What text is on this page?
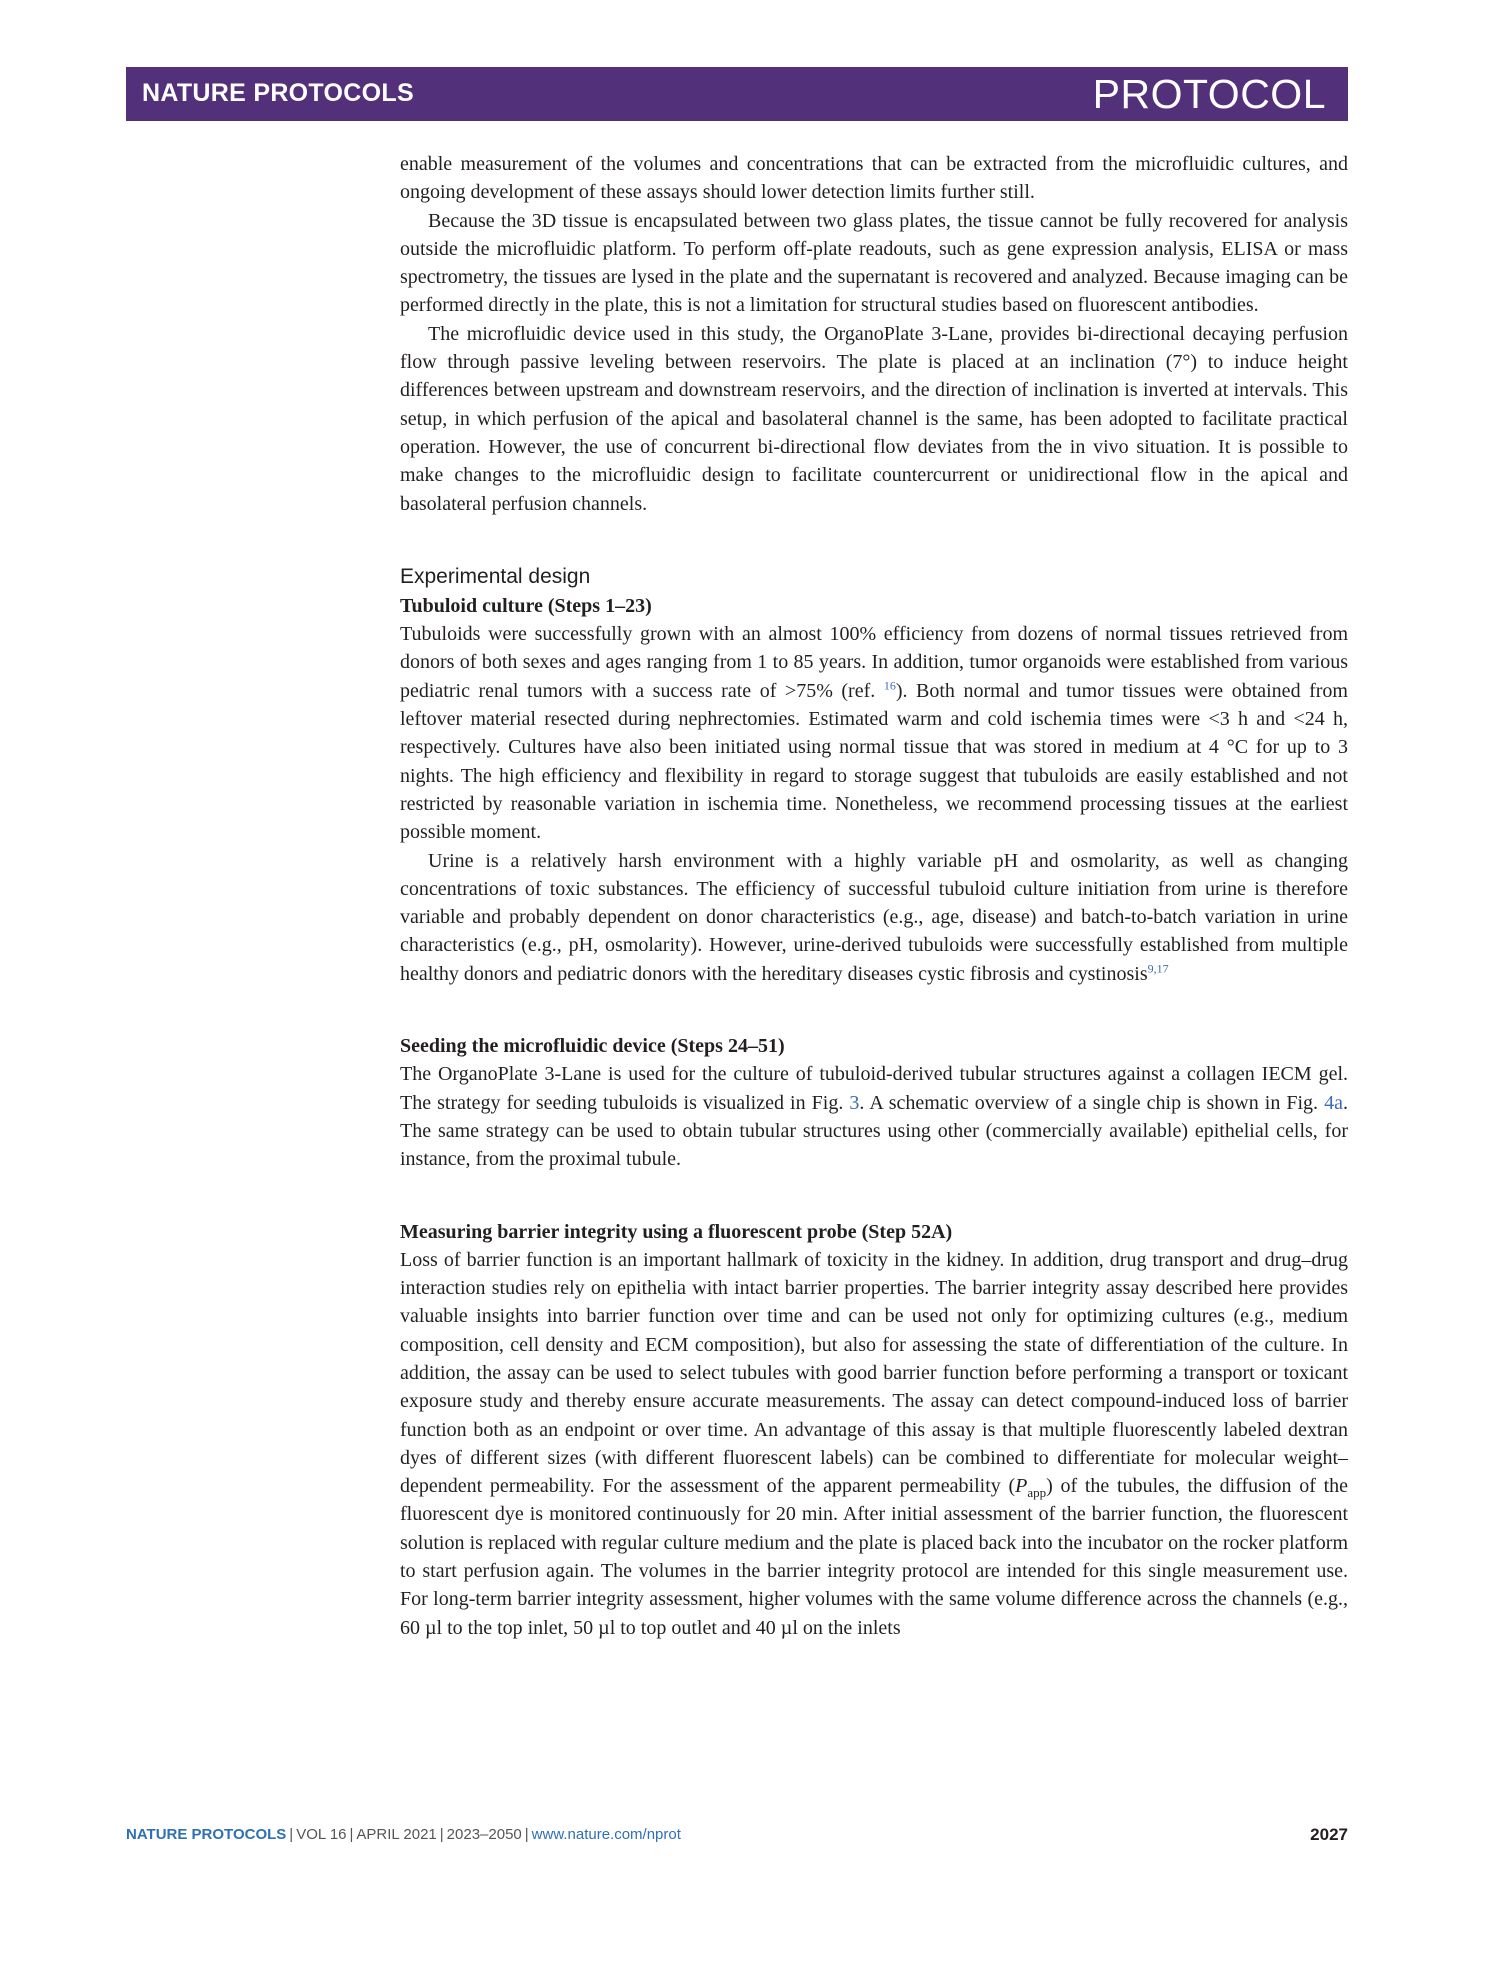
NATURE PROTOCOLS	PROTOCOL

enable measurement of the volumes and concentrations that can be extracted from the microfluidic cultures, and ongoing development of these assays should lower detection limits further still.

Because the 3D tissue is encapsulated between two glass plates, the tissue cannot be fully recovered for analysis outside the microfluidic platform. To perform off-plate readouts, such as gene expression analysis, ELISA or mass spectrometry, the tissues are lysed in the plate and the supernatant is recovered and analyzed. Because imaging can be performed directly in the plate, this is not a limitation for structural studies based on fluorescent antibodies.

The microfluidic device used in this study, the OrganoPlate 3-Lane, provides bi-directional decaying perfusion flow through passive leveling between reservoirs. The plate is placed at an inclination (7°) to induce height differences between upstream and downstream reservoirs, and the direction of inclination is inverted at intervals. This setup, in which perfusion of the apical and basolateral channel is the same, has been adopted to facilitate practical operation. However, the use of concurrent bi-directional flow deviates from the in vivo situation. It is possible to make changes to the microfluidic design to facilitate countercurrent or unidirectional flow in the apical and basolateral perfusion channels.

Experimental design
Tubuloid culture (Steps 1–23)

Tubuloids were successfully grown with an almost 100% efficiency from dozens of normal tissues retrieved from donors of both sexes and ages ranging from 1 to 85 years. In addition, tumor organoids were established from various pediatric renal tumors with a success rate of >75% (ref. $^{16}$). Both normal and tumor tissues were obtained from leftover material resected during nephrectomies. Estimated warm and cold ischemia times were <3 h and <24 h, respectively. Cultures have also been initiated using normal tissue that was stored in medium at 4 °C for up to 3 nights. The high efficiency and flexibility in regard to storage suggest that tubuloids are easily established and not restricted by reasonable variation in ischemia time. Nonetheless, we recommend processing tissues at the earliest possible moment.

Urine is a relatively harsh environment with a highly variable pH and osmolarity, as well as changing concentrations of toxic substances. The efficiency of successful tubuloid culture initiation from urine is therefore variable and probably dependent on donor characteristics (e.g., age, disease) and batch-to-batch variation in urine characteristics (e.g., pH, osmolarity). However, urine-derived tubuloids were successfully established from multiple healthy donors and pediatric donors with the hereditary diseases cystic fibrosis and cystinosis$^{9,17}$

Seeding the microfluidic device (Steps 24–51)

The OrganoPlate 3-Lane is used for the culture of tubuloid-derived tubular structures against a collagen IECM gel. The strategy for seeding tubuloids is visualized in Fig. 3. A schematic overview of a single chip is shown in Fig. 4a. The same strategy can be used to obtain tubular structures using other (commercially available) epithelial cells, for instance, from the proximal tubule.

Measuring barrier integrity using a fluorescent probe (Step 52A)

Loss of barrier function is an important hallmark of toxicity in the kidney. In addition, drug transport and drug–drug interaction studies rely on epithelia with intact barrier properties. The barrier integrity assay described here provides valuable insights into barrier function over time and can be used not only for optimizing cultures (e.g., medium composition, cell density and ECM composition), but also for assessing the state of differentiation of the culture. In addition, the assay can be used to select tubules with good barrier function before performing a transport or toxicant exposure study and thereby ensure accurate measurements. The assay can detect compound-induced loss of barrier function both as an endpoint or over time. An advantage of this assay is that multiple fluorescently labeled dextran dyes of different sizes (with different fluorescent labels) can be combined to differentiate for molecular weight–dependent permeability. For the assessment of the apparent permeability $(P_{app})$ of the tubules, the diffusion of the fluorescent dye is monitored continuously for 20 min. After initial assessment of the barrier function, the fluorescent solution is replaced with regular culture medium and the plate is placed back into the incubator on the rocker platform to start perfusion again. The volumes in the barrier integrity protocol are intended for this single measurement use. For long-term barrier integrity assessment, higher volumes with the same volume difference across the channels (e.g., 60 µl to the top inlet, 50 µl to top outlet and 40 µl on the inlets

NATURE PROTOCOLS | VOL 16 | APRIL 2021 | 2023–2050 | www.nature.com/nprot	2027
